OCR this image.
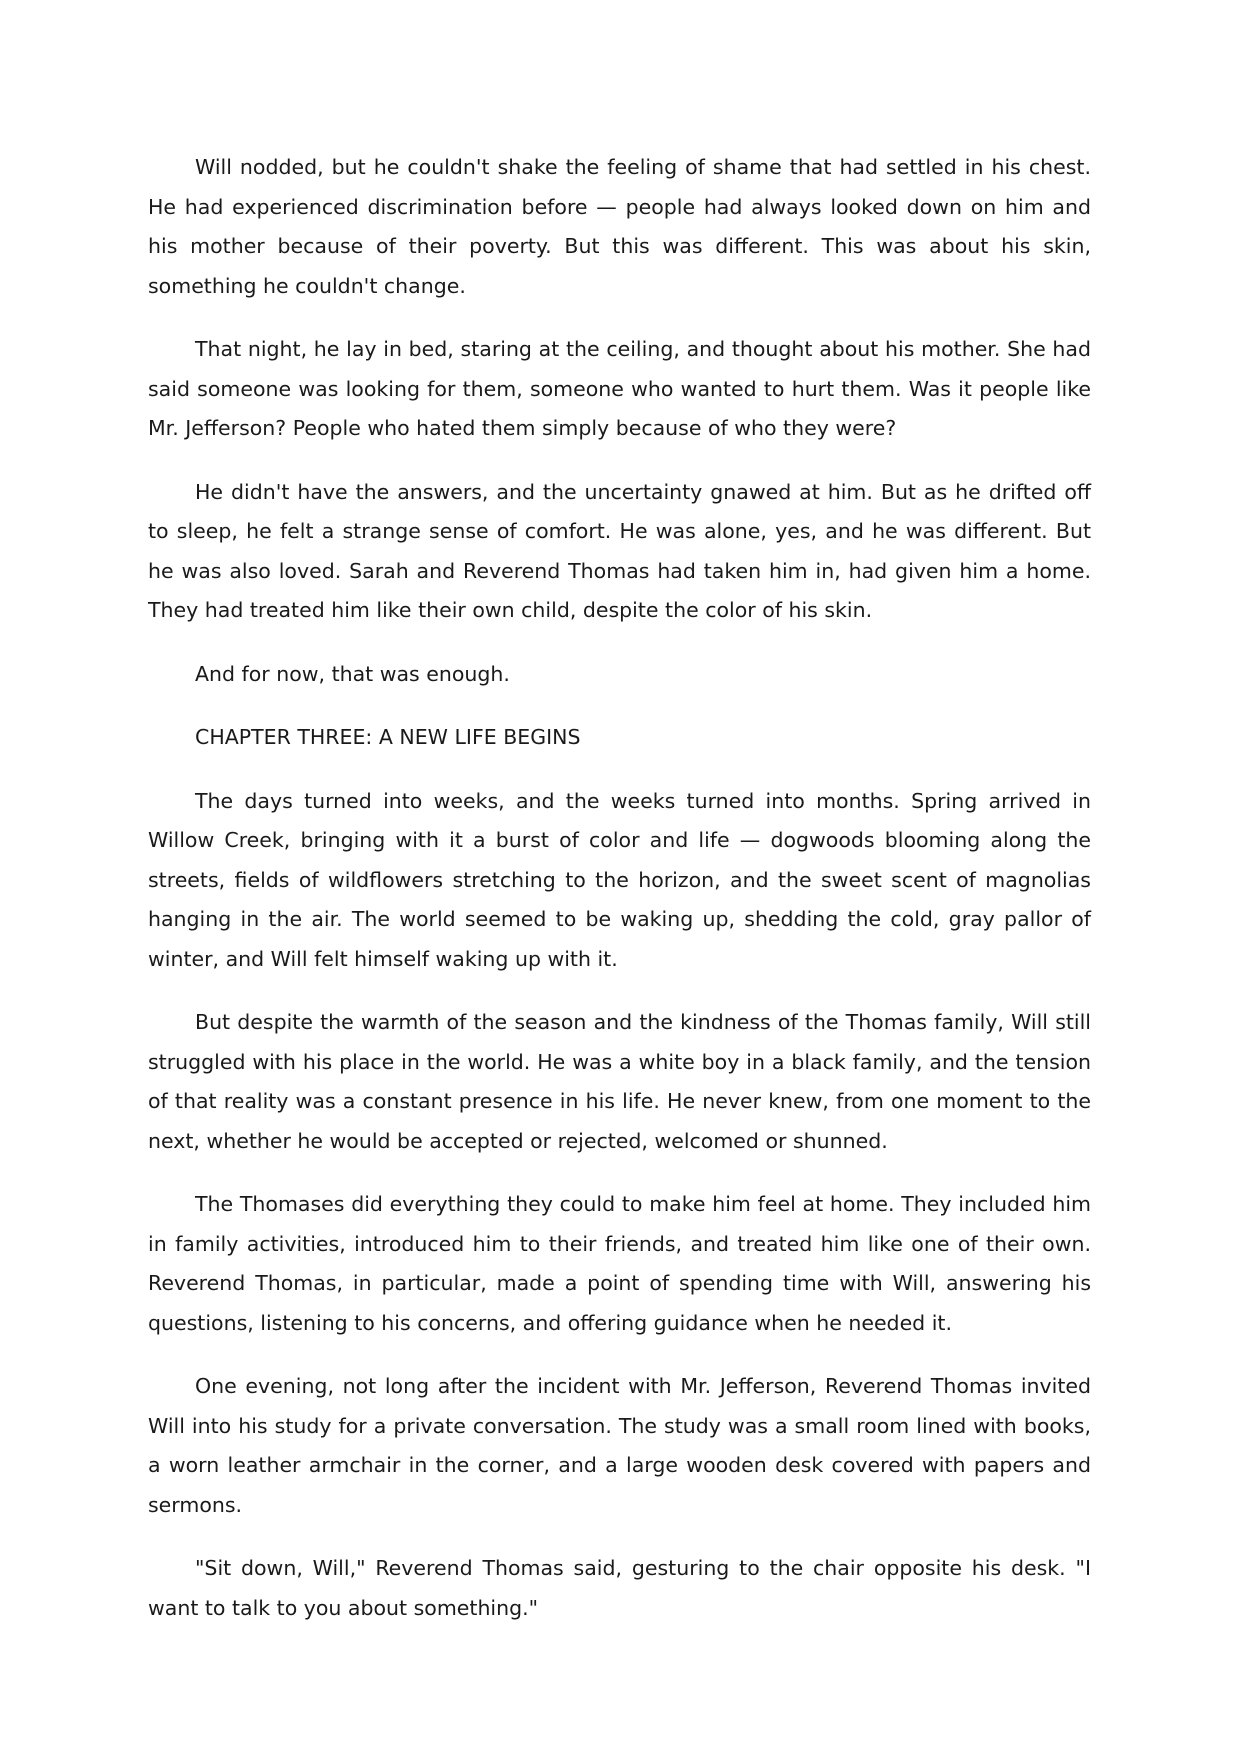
Will nodded, but he couldn't shake the feeling of shame that had settled in his chest. He had experienced discrimination before — people had always looked down on him and his mother because of their poverty. But this was different. This was about his skin, something he couldn't change.

That night, he lay in bed, staring at the ceiling, and thought about his mother. She had said someone was looking for them, someone who wanted to hurt them. Was it people like Mr. Jefferson? People who hated them simply because of who they were?

He didn't have the answers, and the uncertainty gnawed at him. But as he drifted off to sleep, he felt a strange sense of comfort. He was alone, yes, and he was different. But he was also loved. Sarah and Reverend Thomas had taken him in, had given him a home. They had treated him like their own child, despite the color of his skin.

And for now, that was enough.

CHAPTER THREE: A NEW LIFE BEGINS

The days turned into weeks, and the weeks turned into months. Spring arrived in Willow Creek, bringing with it a burst of color and life — dogwoods blooming along the streets, fields of wildflowers stretching to the horizon, and the sweet scent of magnolias hanging in the air. The world seemed to be waking up, shedding the cold, gray pallor of winter, and Will felt himself waking up with it.

But despite the warmth of the season and the kindness of the Thomas family, Will still struggled with his place in the world. He was a white boy in a black family, and the tension of that reality was a constant presence in his life. He never knew, from one moment to the next, whether he would be accepted or rejected, welcomed or shunned.

The Thomases did everything they could to make him feel at home. They included him in family activities, introduced him to their friends, and treated him like one of their own. Reverend Thomas, in particular, made a point of spending time with Will, answering his questions, listening to his concerns, and offering guidance when he needed it.

One evening, not long after the incident with Mr. Jefferson, Reverend Thomas invited Will into his study for a private conversation. The study was a small room lined with books, a worn leather armchair in the corner, and a large wooden desk covered with papers and sermons.

"Sit down, Will," Reverend Thomas said, gesturing to the chair opposite his desk. "I want to talk to you about something."
